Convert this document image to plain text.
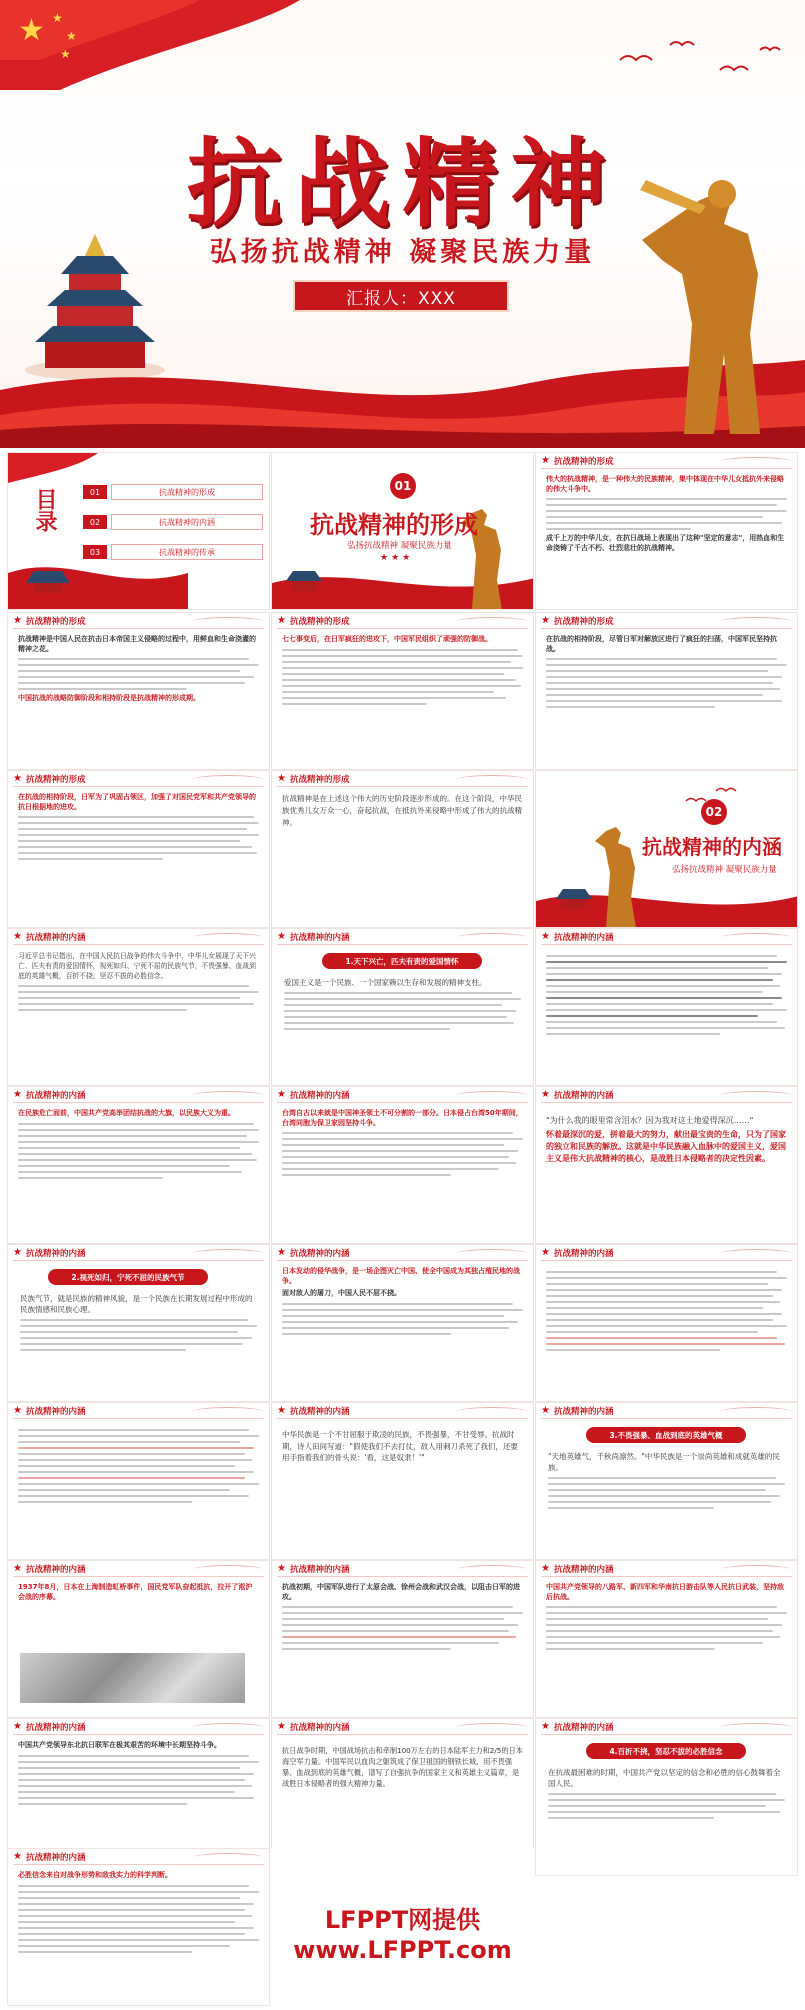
★ ★
★
★
抗战精神
弘扬抗战精神 凝聚民族力量
汇报人：XXX
目录	01	抗战精神的形成
02	抗战精神的内涵
03	抗战精神的传承
01
抗战精神的形成
弘扬抗战精神 凝聚民族力量
★★★
★ 抗战精神的形成
伟大的抗战精神，是一种伟大的民族精神，集中体现在中华儿女抵抗外来侵略的伟大斗争中。
成千上万的中华儿女，在抗日战场上表现出了这种"坚定的意志"，用热血和生命浇铸了千古不朽、壮烈悲壮的抗战精神。
★ 抗战精神的形成
抗战精神是中国人民在抗击日本帝国主义侵略的过程中，用鲜血和生命浇灌的精神之花。
中国抗战的战略防御阶段和相持阶段是抗战精神的形成期。
★ 抗战精神的形成
七七事变后，在日军疯狂的进攻下，中国军民组织了顽强的防御战。
★ 抗战精神的形成
在抗战的相持阶段，尽管日军对解放区进行了疯狂的扫荡，中国军民坚持抗战。
★ 抗战精神的形成
在抗战的相持阶段，日军为了巩固占领区，加强了对国民党军和共产党领导的抗日根据地的进攻。
★ 抗战精神的形成
抗战精神是在上述这个伟大的历史阶段逐步形成的。在这个阶段，中华民族优秀儿女万众一心，奋起抗战，在抵抗外来侵略中形成了伟大的抗战精神。
02
抗战精神的内涵
弘扬抗战精神 凝聚民族力量
★ 抗战精神的内涵
习近平总书记指出，在中国人民抗日战争的伟大斗争中，中华儿女展现了天下兴亡、匹夫有责的爱国情怀，视死如归、宁死不屈的民族气节，不畏强暴、血战到底的英雄气概，百折不挠、坚忍不拔的必胜信念。
★ 抗战精神的内涵
1.天下兴亡，匹夫有责的爱国情怀
爱国主义是一个民族、一个国家赖以生存和发展的精神支柱。
★ 抗战精神的内涵
★ 抗战精神的内涵
在民族危亡面前，中国共产党高举团结抗战的大旗，以民族大义为重。
★ 抗战精神的内涵
台湾自古以来就是中国神圣领土不可分割的一部分。日本侵占台湾50年期间，台湾同胞为保卫家园坚持斗争。
★ 抗战精神的内涵
"为什么我的眼里常含泪水？因为我对这土地爱得深沉……"
怀着最深沉的爱，拼着最大的努力，献出最宝贵的生命，只为了国家的独立和民族的解放。这就是中华民族融入血脉中的爱国主义，爱国主义是伟大抗战精神的核心，是战胜日本侵略者的决定性因素。
★ 抗战精神的内涵
2.视死如归，宁死不屈的民族气节
民族气节，就是民族的精神风貌，是一个民族在长期发展过程中形成的民族情感和民族心理。
★ 抗战精神的内涵
日本发动的侵华战争，是一场企图灭亡中国、使全中国成为其独占殖民地的战争。
面对敌人的屠刀，中国人民不屈不挠。
★ 抗战精神的内涵
★ 抗战精神的内涵	★ 抗战精神的内涵
中华民族是一个不甘屈服于欺凌的民族，不畏强暴，不甘受辱。抗战时期，诗人田间写道："假使我们不去打仗，敌人用刺刀杀死了我们，还要用手指着我们的骨头说：'看，这是奴隶！'"
★ 抗战精神的内涵
3.不畏强暴、血战到底的英雄气概
"天地英雄气，千秋尚凛然。"中华民族是一个崇尚英雄和成就英雄的民族。
★ 抗战精神的内涵
1937年8月，日本在上海制造虹桥事件，国民党军队奋起抵抗，拉开了淞沪会战的序幕。
★ 抗战精神的内涵
抗战初期，中国军队进行了太原会战、徐州会战和武汉会战，以阻击日军的进攻。
★ 抗战精神的内涵
中国共产党领导的八路军、新四军和华南抗日游击队等人民抗日武装，坚持敌后抗战。
★ 抗战精神的内涵
中国共产党领导东北抗日联军在极其艰苦的环境中长期坚持斗争。
★ 抗战精神的内涵
抗日战争时期，中国战场抗击和牵制100万左右的日本陆军主力和2/5的日本海空军力量。中国军民以血肉之躯筑成了保卫祖国的钢铁长城，用不畏强暴、血战到底的英雄气概，谱写了自强抗争的国家主义和英雄主义篇章，是战胜日本侵略者的强大精神力量。
★ 抗战精神的内涵
4.百折不挠，坚忍不拔的必胜信念
在抗战最困难的时期，中国共产党以坚定的信念和必胜的信心鼓舞着全国人民。
★ 抗战精神的内涵
必胜信念来自对战争形势和敌我实力的科学判断。
LFPPT网提供
www.LFPPT.com
